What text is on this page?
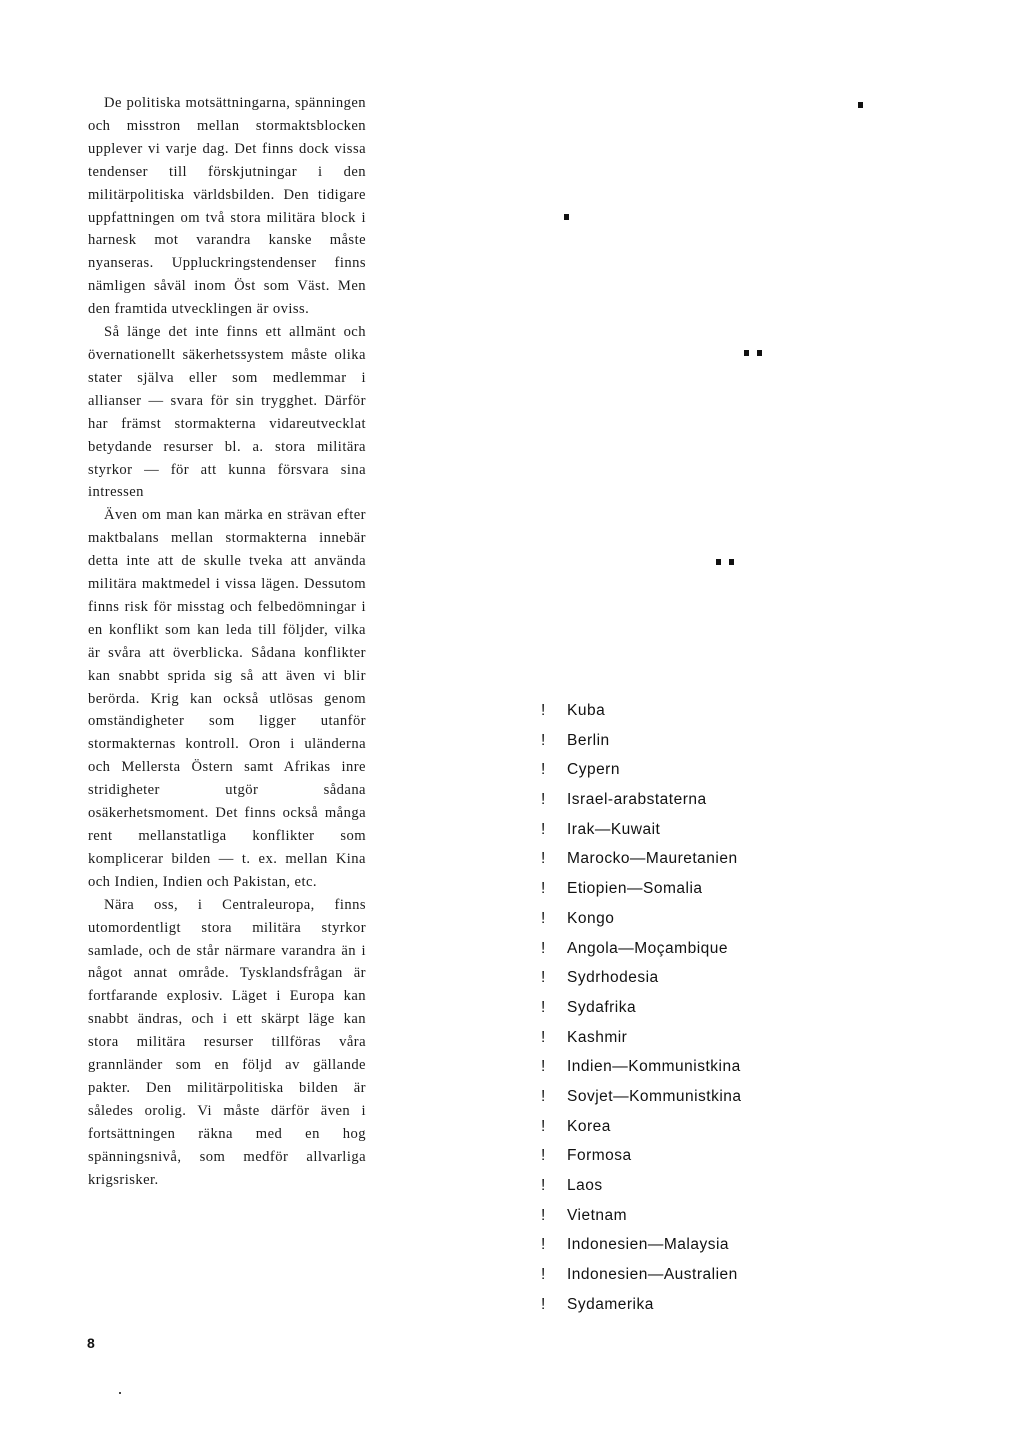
De politiska motsättningarna, spänningen och misstron mellan stormaktsblocken upplever vi varje dag. Det finns dock vissa tendenser till förskjutningar i den militärpolitiska världsbilden. Den tidigare uppfattningen om två stora militära block i harnesk mot varandra kanske måste nyanseras. Uppluckringstendenser finns nämligen såväl inom Öst som Väst. Men den framtida utvecklingen är oviss.

Så länge det inte finns ett allmänt och övernationellt säkerhetssystem måste olika stater själva eller som medlemmar i allianser — svara för sin trygghet. Därför har främst stormakterna vidareutvecklat betydande resurser bl. a. stora militära styrkor — för att kunna försvara sina intressen

Även om man kan märka en strävan efter maktbalans mellan stormakterna innebär detta inte att de skulle tveka att använda militära maktmedel i vissa lägen. Dessutom finns risk för misstag och felbedömningar i en konflikt som kan leda till följder, vilka är svåra att överblicka. Sådana konflikter kan snabbt sprida sig så att även vi blir berörda. Krig kan också utlösas genom omständigheter som ligger utanför stormakternas kontroll. Oron i uländerna och Mellersta Östern samt Afrikas inre stridigheter utgör sådana osäkerhetsmoment. Det finns också många rent mellanstatliga konflikter som komplicerar bilden — t. ex. mellan Kina och Indien, Indien och Pakistan, etc.

Nära oss, i Centraleuropa, finns utomordentligt stora militära styrkor samlade, och de står närmare varandra än i något annat område. Tysklandsfrågan är fortfarande explosiv. Läget i Europa kan snabbt ändras, och i ett skärpt läge kan stora militära resurser tillföras våra grannländer som en följd av gällande pakter. Den militärpolitiska bilden är således orolig. Vi måste därför även i fortsättningen räkna med en hog spänningsnivå, som medför allvarliga krigsrisker.

! Kuba
! Berlin
! Cypern
! Israel-arabstaterna
! Irak—Kuwait
! Marocko—Mauretanien
! Etiopien—Somalia
! Kongo
! Angola—Moçambique
! Sydrhodesia
! Sydafrika
! Kashmir
! Indien—Kommunistkina
! Sovjet—Kommunistkina
! Korea
! Formosa
! Laos
! Vietnam
! Indonesien—Malaysia
! Indonesien—Australien
! Sydamerika
8
